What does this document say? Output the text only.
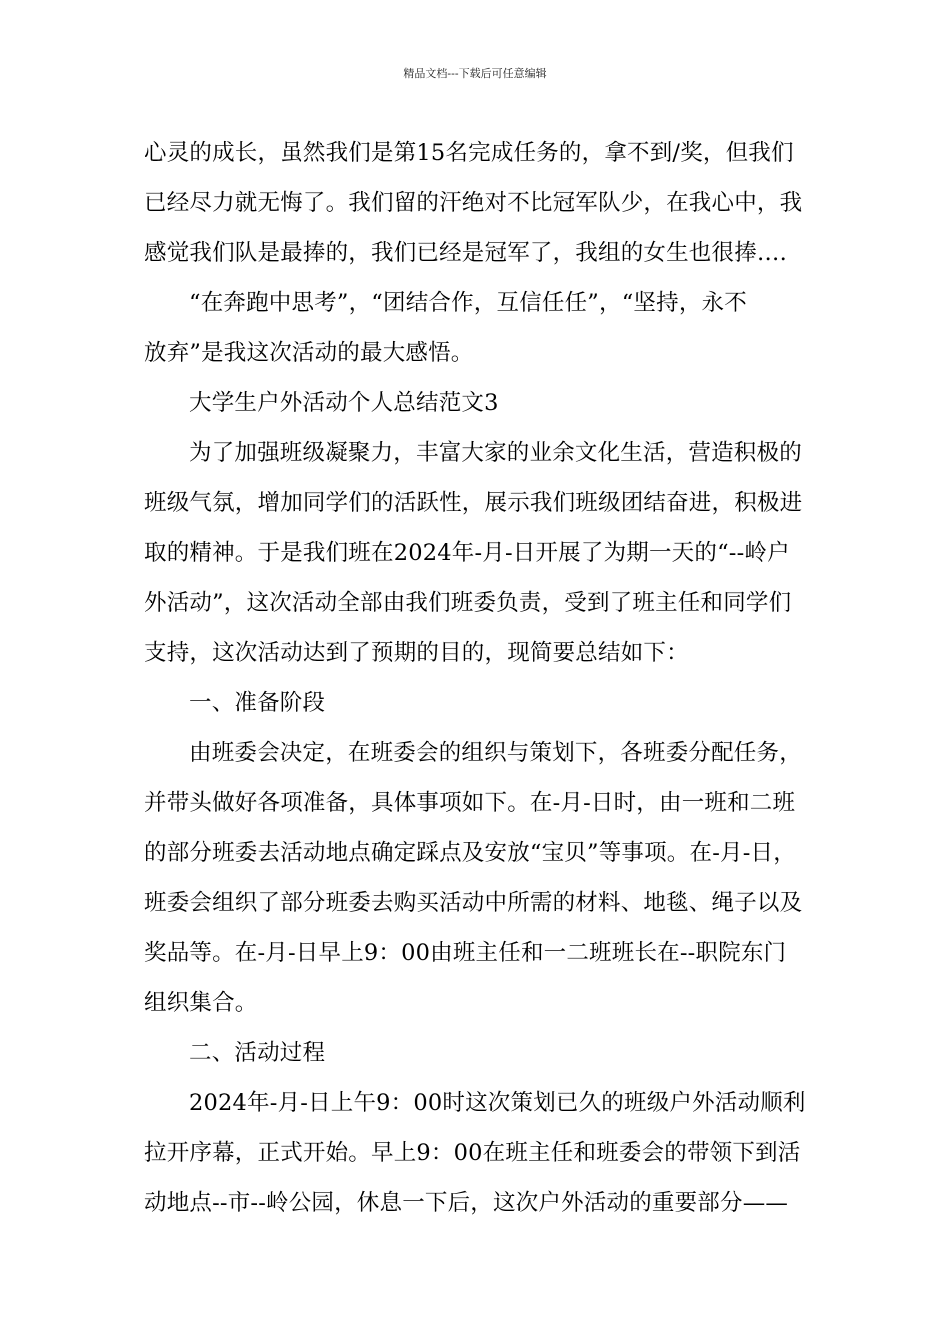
精品文档---下载后可任意编辑
心灵的成长，虽然我们是第15名完成任务的，拿不到/奖，但我们
已经尽力就无悔了。我们留的汗绝对不比冠军队少，在我心中，我
感觉我们队是最捧的，我们已经是冠军了，我组的女生也很捧….
“在奔跑中思考”，“团结合作，互信任任”，“坚持，永不
放弃”是我这次活动的最大感悟。
大学生户外活动个人总结范文3
为了加强班级凝聚力，丰富大家的业余文化生活，营造积极的
班级气氛，增加同学们的活跃性，展示我们班级团结奋进，积极进
取的精神。于是我们班在2024年-月-日开展了为期一天的“--岭户
外活动”，这次活动全部由我们班委负责，受到了班主任和同学们
支持，这次活动达到了预期的目的，现简要总结如下：
一、准备阶段
由班委会决定，在班委会的组织与策划下，各班委分配任务，
并带头做好各项准备，具体事项如下。在-月-日时，由一班和二班
的部分班委去活动地点确定踩点及安放“宝贝”等事项。在-月-日，
班委会组织了部分班委去购买活动中所需的材料、地毯、绳子以及
奖品等。在-月-日早上9：00由班主任和一二班班长在--职院东门
组织集合。
二、活动过程
2024年-月-日上午9：00时这次策划已久的班级户外活动顺利
拉开序幕，正式开始。早上9：00在班主任和班委会的带领下到活
动地点--市--岭公园，休息一下后，这次户外活动的重要部分——
